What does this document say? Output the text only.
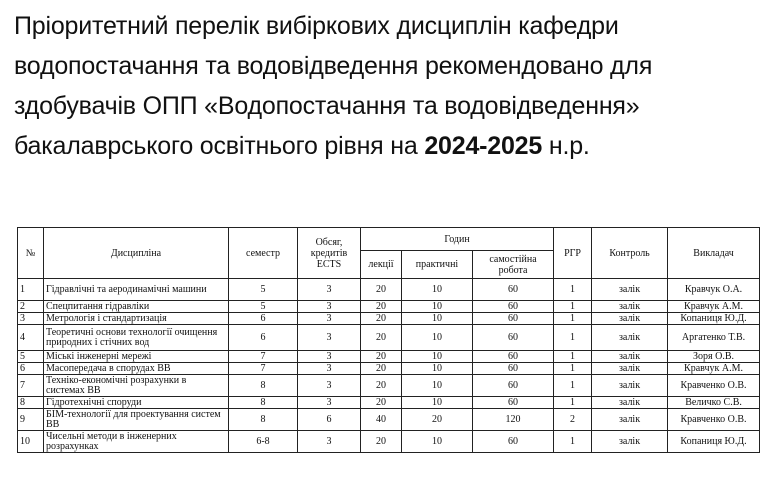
Пріоритетний перелік вибіркових дисциплін кафедри водопостачання та водовідведення рекомендовано для здобувачів ОПП «Водопостачання та водовідведення» бакалаврського освітнього рівня на 2024-2025 н.р.
№	Дисципліна	семестр	Обсяг, кредитів ECTS	Годин			РГР	Контроль	Викладач
				лекції	практичні	самостійна робота			
1	Гідравлічні та аеродинамічні машини	5	3	20	10	60	1	залік	Кравчук О.А.
2	Спецпитання гідравліки	5	3	20	10	60	1	залік	Кравчук А.М.
3	Метрологія і стандартизація	6	3	20	10	60	1	залік	Копаниця Ю.Д.
4	Теоретичні основи технології очищення природних і стічних вод	6	3	20	10	60	1	залік	Аргатенко Т.В.
5	Міські інженерні мережі	7	3	20	10	60	1	залік	Зоря О.В.
6	Масопередача в спорудах ВВ	7	3	20	10	60	1	залік	Кравчук А.М.
7	Техніко-економічні розрахунки в системах ВВ	8	3	20	10	60	1	залік	Кравченко О.В.
8	Гідротехнічні споруди	8	3	20	10	60	1	залік	Величко С.В.
9	БІМ-технології для проектування систем ВВ	8	6	40	20	120	2	залік	Кравченко О.В.
10	Чисельні методи в інженерних розрахунках	6-8	3	20	10	60	1	залік	Копаниця Ю.Д.
